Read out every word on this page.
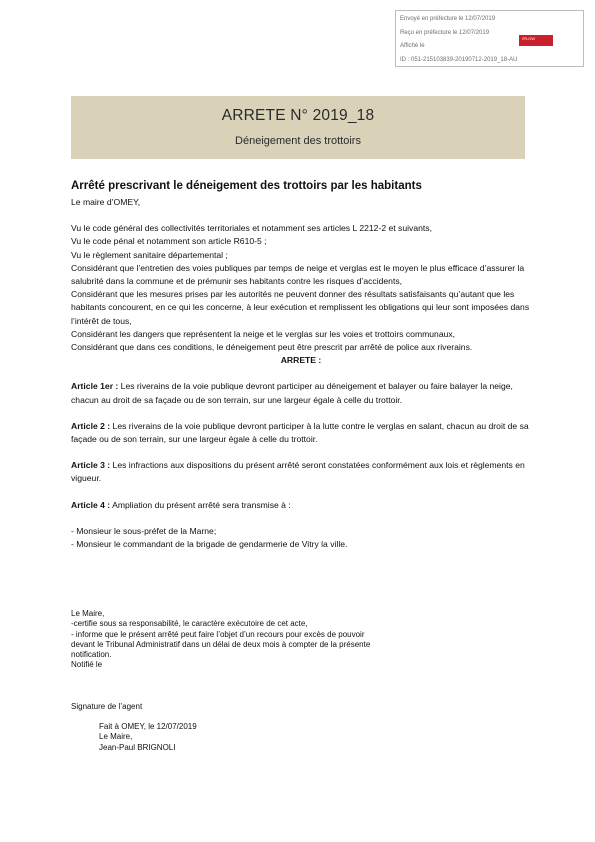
Envoyé en préfecture le 12/07/2019
Reçu en préfecture le 12/07/2019
Affiché le
ID : 051-215103839-20190712-2019_18-AU
S²LOW
ARRETE N° 2019_18
Déneigement des trottoirs
Arrêté prescrivant le déneigement des trottoirs par les habitants

Le maire d’OMEY,

Vu le code général des collectivités territoriales et notamment ses articles L 2212-2 et suivants,

Vu le code pénal et notamment son article R610-5 ;

Vu le règlement sanitaire départemental ;

Considérant que l’entretien des voies publiques par temps de neige et verglas est le moyen le plus efficace d’assurer la salubrité dans la commune et de prémunir ses habitants contre les risques d’accidents,

Considérant que les mesures prises par les autorités ne peuvent donner des résultats satisfaisants qu’autant que les habitants concourent, en ce qui les concerne, à leur exécution et remplissent les obligations qui leur sont imposées dans l’intérêt de tous,

Considérant les dangers que représentent la neige et le verglas sur les voies et trottoirs communaux,

Considérant que dans ces conditions, le déneigement peut être prescrit par arrêté de police aux riverains.

ARRETE :

Article 1er : Les riverains de la voie publique devront participer au déneigement et balayer ou faire balayer la neige, chacun au droit de sa façade ou de son terrain, sur une largeur égale à celle du trottoir.

Article 2 : Les riverains de la voie publique devront participer à la lutte contre le verglas en salant, chacun au droit de sa façade ou de son terrain, sur une largeur égale à celle du trottoir.

Article 3 : Les infractions aux dispositions du présent arrêté seront constatées conformément aux lois et règlements en vigueur.

Article 4 : Ampliation du présent arrêté sera transmise à :

- Monsieur le sous-préfet de la Marne;

- Monsieur le commandant de la brigade de gendarmerie de Vitry la ville.

Le Maire,
-certifie sous sa responsabilité, le caractère exécutoire de cet acte,
- informe que le présent arrêté peut faire l’objet d’un recours pour excès de pouvoir
devant le Tribunal Administratif dans un délai de deux mois à compter de la présente
notification.
Notifié le
Signature de l’agent
Fait à OMEY, le 12/07/2019
Le Maire,
Jean-Paul BRIGNOLI
